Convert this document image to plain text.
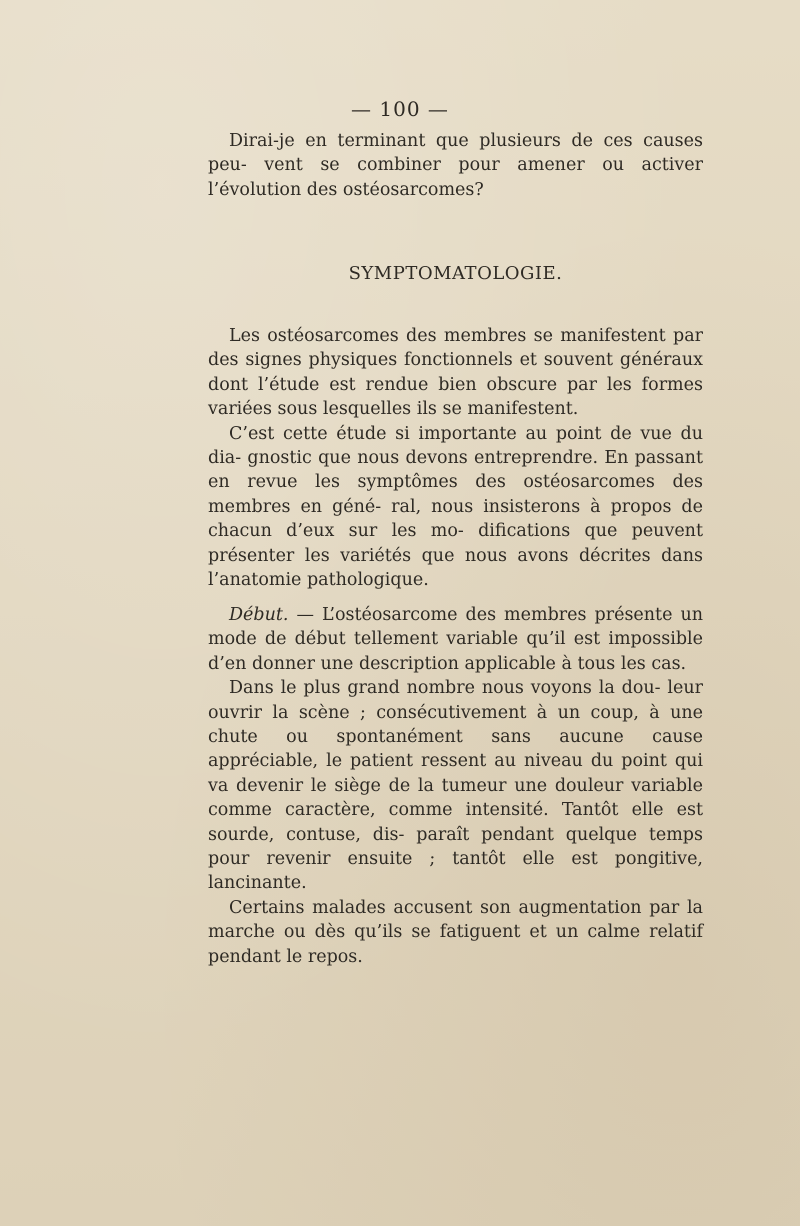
— 100 —

Dirai-je en terminant que plusieurs de ces causes peu- vent se combiner pour amener ou activer l’évolution des ostéosarcomes?

SYMPTOMATOLOGIE.

Les ostéosarcomes des membres se manifestent par des signes physiques fonctionnels et souvent généraux dont l’étude est rendue bien obscure par les formes variées sous lesquelles ils se manifestent.

C’est cette étude si importante au point de vue du dia- gnostic que nous devons entreprendre. En passant en revue les symptômes des ostéosarcomes des membres en géné- ral, nous insisterons à propos de chacun d’eux sur les mo- difications que peuvent présenter les variétés que nous avons décrites dans l’anatomie pathologique.

Début. — L’ostéosarcome des membres présente un mode de début tellement variable qu’il est impossible d’en donner une description applicable à tous les cas.

Dans le plus grand nombre nous voyons la dou- leur ouvrir la scène ; consécutivement à un coup, à une chute ou spontanément sans aucune cause appréciable, le patient ressent au niveau du point qui va devenir le siège de la tumeur une douleur variable comme caractère, comme intensité. Tantôt elle est sourde, contuse, dis- paraît pendant quelque temps pour revenir ensuite ; tantôt elle est pongitive, lancinante.

Certains malades accusent son augmentation par la marche ou dès qu’ils se fatiguent et un calme relatif pendant le repos.
